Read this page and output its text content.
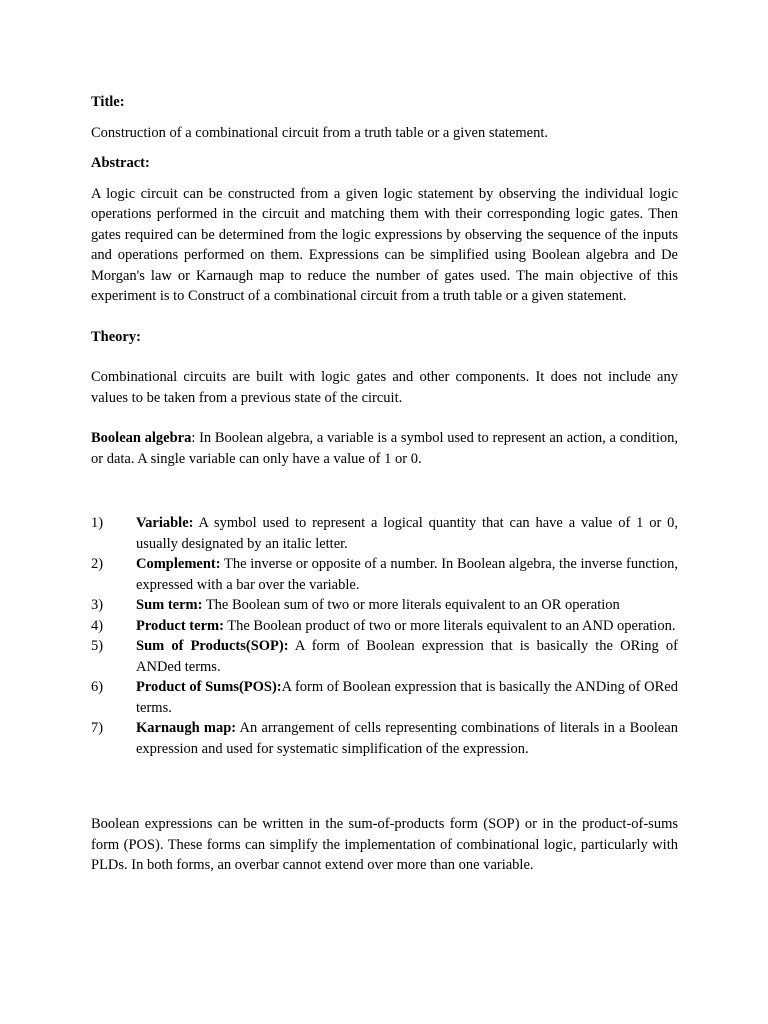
Title:

Construction of a combinational circuit from a truth table or a given statement.

Abstract:

A logic circuit can be constructed from a given logic statement by observing the individual logic operations performed in the circuit and matching them with their corresponding logic gates. Then gates required can be determined from the logic expressions by observing the sequence of the inputs and operations performed on them. Expressions can be simplified using Boolean algebra and De Morgan's law or Karnaugh map to reduce the number of gates used. The main objective of this experiment is to Construct of a combinational circuit from a truth table or a given statement.

Theory:

Combinational circuits are built with logic gates and other components. It does not include any values to be taken from a previous state of the circuit.

Boolean algebra: In Boolean algebra, a variable is a symbol used to represent an action, a condition, or data. A single variable can only have a value of 1 or 0.

1)	Variable: A symbol used to represent a logical quantity that can have a value of 1 or 0, usually designated by an italic letter.
2)	Complement: The inverse or opposite of a number. In Boolean algebra, the inverse function, expressed with a bar over the variable.
3)	Sum term: The Boolean sum of two or more literals equivalent to an OR operation
4)	Product term: The Boolean product of two or more literals equivalent to an AND operation.
5)	Sum of Products(SOP): A form of Boolean expression that is basically the ORing of ANDed terms.
6)	Product of Sums(POS):A form of Boolean expression that is basically the ANDing of ORed terms.
7)	Karnaugh map: An arrangement of cells representing combinations of literals in a Boolean expression and used for systematic simplification of the expression.

Boolean expressions can be written in the sum-of-products form (SOP) or in the product-of-sums form (POS). These forms can simplify the implementation of combinational logic, particularly with PLDs. In both forms, an overbar cannot extend over more than one variable.
